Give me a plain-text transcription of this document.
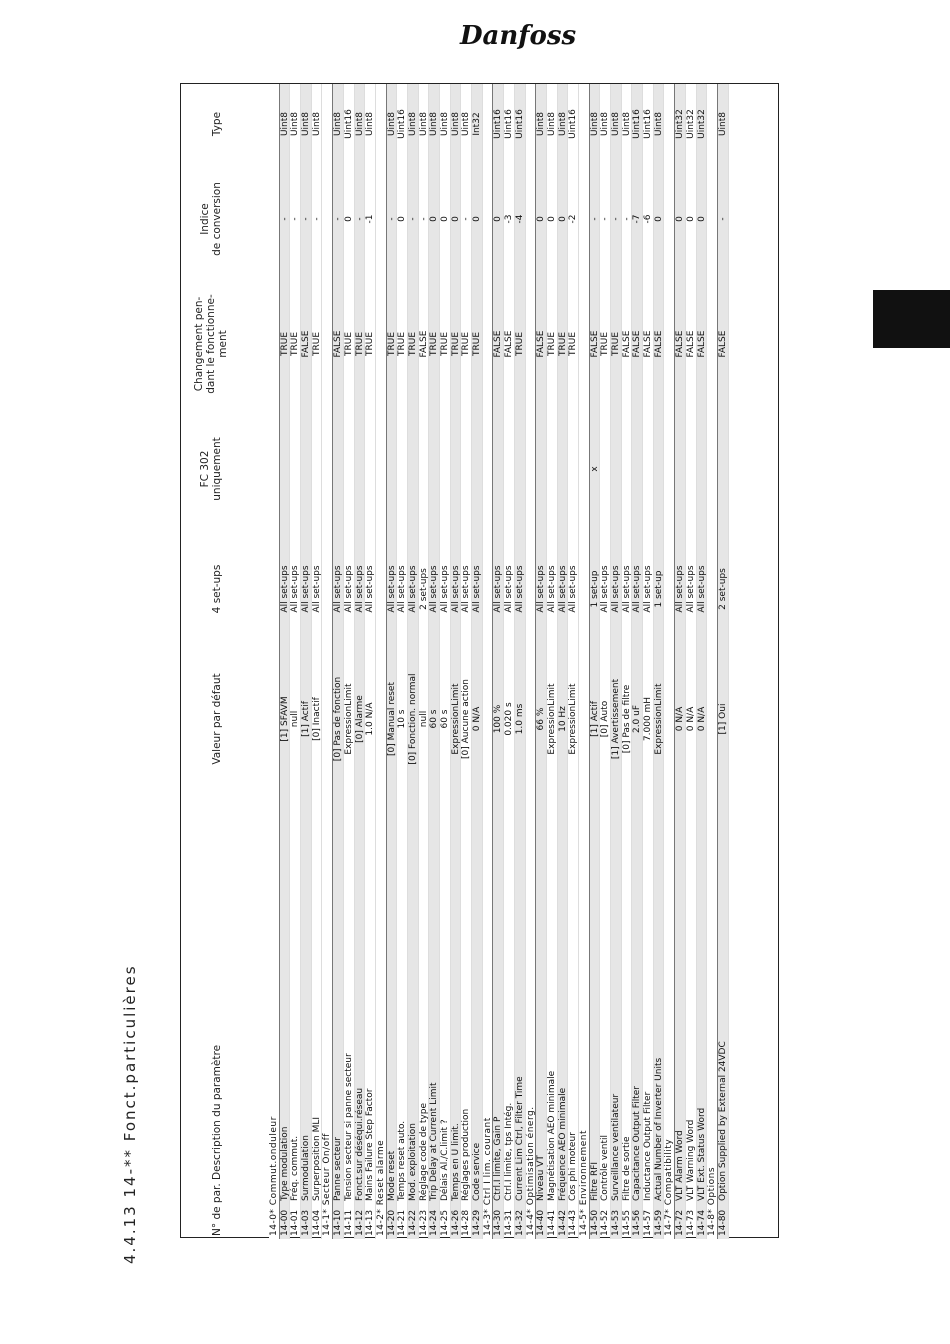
Danfoss
4.4.13 14-** Fonct.particulières	N° de par. Description du paramètre
Valeur par défaut
4 set-ups
FC 302 uniquement
Changement pen- dant le fonctionne- ment
Indice de conversion
Type
14-0* Commut.onduleur 14-00
Type modulation
[1] SFAVM
All set-ups
TRUE
-
Uint8
14-01
Fréq. commut.
null
All set-ups
TRUE
-
Uint8
14-03
Surmodulation
[1] Actif
All set-ups
FALSE
-
Uint8
14-04
Surperposition MLI
[0] Inactif
All set-ups
TRUE
-
Uint8
14-1* Secteur On/off 14-10
Panne secteur
[0] Pas de fonction
All set-ups
FALSE
-
Uint8
14-11
Tension secteur si panne secteur
ExpressionLimit
All set-ups
TRUE
0
Uint16
14-12
Fonct.sur déséqui.réseau
[0] Alarme
All set-ups
TRUE
-
Uint8
14-13
Mains Failure Step Factor
1.0 N/A
All set-ups
TRUE
-1
Uint8
14-2* Reset alarme 14-20
Mode reset
[0] Manual reset
All set-ups
TRUE
-
Uint8
14-21
Temps reset auto.
10 s
All set-ups
TRUE
0
Uint16
14-22
Mod. exploitation
[0] Fonction. normal
All set-ups
TRUE
-
Uint8
14-23
Réglage code de type
null
2 set-ups
FALSE
-
Uint8
14-24
Trip Delay at Current Limit
60 s
All set-ups
TRUE
0
Uint8
14-25
Délais Al./C.limit ?
60 s
All set-ups
TRUE
0
Uint8
14-26
Temps en U limit.
ExpressionLimit
All set-ups
TRUE
0
Uint8
14-28
Réglages production
[0] Aucune action
All set-ups
TRUE
-
Uint8
14-29
Code service
0 N/A
All set-ups
TRUE
0
Int32
14-3* Ctrl I lim. courant 14-30
Ctrl.I limite, Gain P
100 %
All set-ups
FALSE
0
Uint16
14-31
Ctrl.I limite, tps Intég.
0.020 s
All set-ups
FALSE
-3
Uint16
14-32
Current Lim Ctrl, Filter Time
1.0 ms
All set-ups
TRUE
-4
Uint16
14-4* Optimisation énerg. 14-40
Niveau VT
66 %
All set-ups
FALSE
0
Uint8
14-41
Magnétisation AEO minimale
ExpressionLimit
All set-ups
TRUE
0
Uint8
14-42
Fréquence AEO minimale
10 Hz
All set-ups
TRUE
0
Uint8
14-43
Cos phi moteur
ExpressionLimit
All set-ups
TRUE
-2
Uint16
14-5* Environnement 14-50
Filtre RFI
[1] Actif
1 set-up
x
FALSE
-
Uint8
14-52
Contrôle ventil
[0] Auto
All set-ups
TRUE
-
Uint8
14-53
Surveillance ventilateur
[1] Avertissement
All set-ups
TRUE
-
Uint8
14-55
Filtre de sortie
[0] Pas de filtre
All set-ups
FALSE
-
Uint8
14-56
Capacitance Output Filter
2.0 uF
All set-ups
FALSE
-7
Uint16
14-57
Inductance Output Filter
7.000 mH
All set-ups
FALSE
-6
Uint16
14-59
Actual Number of Inverter Units
ExpressionLimit
1 set-up
FALSE
0
Uint8
14-7* Compatibility 14-72
VLT Alarm Word
0 N/A
All set-ups
FALSE
0
Uint32
14-73
VLT Warning Word
0 N/A
All set-ups
FALSE
0
Uint32
14-74
VLT Ext. Status Word
0 N/A
All set-ups
FALSE
0
Uint32
14-8* Options 14-80
Option Supplied by External 24VDC
[1] Oui
2 set-ups
FALSE
-
Uint8
